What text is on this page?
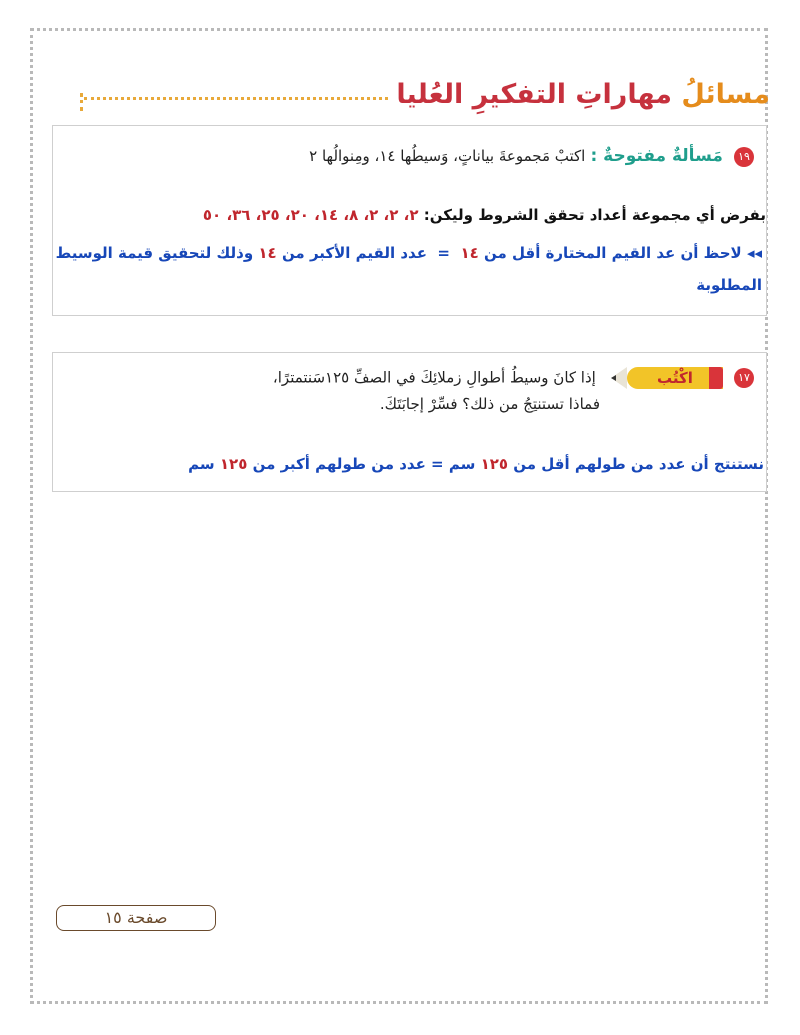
مسائلُ مهاراتِ التفكيرِ العُليا
١٩ مَسألةٌ مفتوحةٌ : اكتبْ مَجموعةَ بياناتٍ، وَسيطُها ١٤، ومِنوالُها ٢
بفرض أي مجموعة أعداد تحقق الشروط وليكن: ٢، ٢، ٢، ٨، ١٤، ٢٠، ٢٥، ٣٦، ٥٠
◂◂ لاحظ أن عد القيم المختارة أقل من ١٤  =  عدد القيم الأكبر من ١٤ وذلك لتحقيق قيمة الوسيط
المطلوبة
١٧
اكْتُب
إذا كانَ وسيطُ أطوالِ زملائِكَ في الصفِّ ١٢٥سَنتمترًا،
فماذا تستنتِجُ من ذلك؟ فسِّرْ إجابَتَكَ.
نستنتج أن عدد من طولهم أقل من ١٢٥ سم = عدد من طولهم أكبر من ١٢٥ سم
صفحة ١٥
